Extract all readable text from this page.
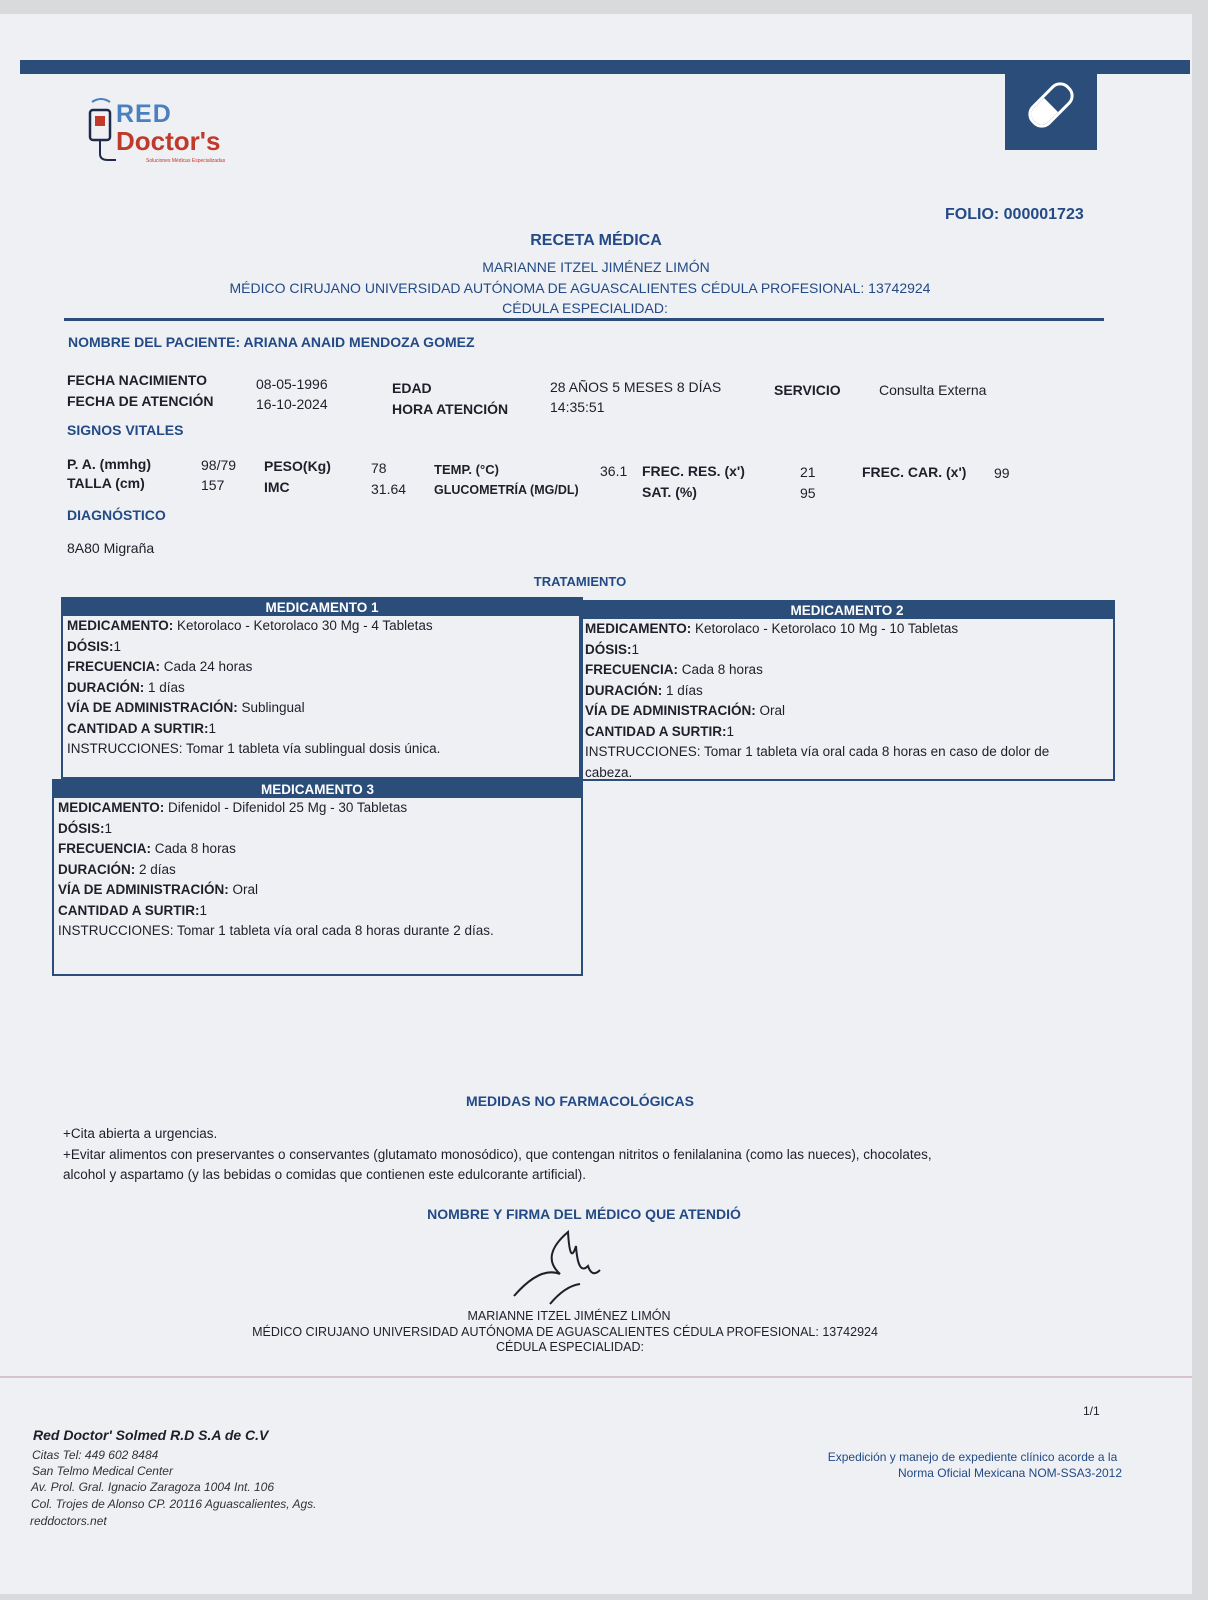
RED
Doctor's
Soluciones Médicas Especializadas
FOLIO: 000001723
RECETA MÉDICA
MARIANNE ITZEL JIMÉNEZ LIMÓN
MÉDICO CIRUJANO UNIVERSIDAD AUTÓNOMA DE AGUASCALIENTES CÉDULA PROFESIONAL: 13742924
CÉDULA ESPECIALIDAD:
NOMBRE DEL PACIENTE: ARIANA ANAID MENDOZA GOMEZ
FECHA NACIMIENTO	08-05-1996
FECHA DE ATENCIÓN	16-10-2024
EDAD	28 AÑOS 5 MESES 8 DÍAS
HORA ATENCIÓN	14:35:51
SERVICIO	Consulta Externa
SIGNOS VITALES
P. A. (mmhg)	98/79 PESO(Kg)	78	TEMP. (°C)	36.1 FREC. RES. (x')	21	FREC. CAR. (x') 99
TALLA (cm)	157	IMC	31.64 GLUCOMETRÍA (MG/DL)	SAT. (%)	95
DIAGNÓSTICO
8A80 Migraña
TRATAMIENTO
MEDICAMENTO 1
MEDICAMENTO: Ketorolaco - Ketorolaco 30 Mg - 4 Tabletas
DÓSIS:1
FRECUENCIA: Cada 24 horas
DURACIÓN: 1 días
VÍA DE ADMINISTRACIÓN: Sublingual
CANTIDAD A SURTIR:1
INSTRUCCIONES: Tomar 1 tableta vía sublingual dosis única.
MEDICAMENTO 2
MEDICAMENTO: Ketorolaco - Ketorolaco 10 Mg - 10 Tabletas
DÓSIS:1
FRECUENCIA: Cada 8 horas
DURACIÓN: 1 días
VÍA DE ADMINISTRACIÓN: Oral
CANTIDAD A SURTIR:1
INSTRUCCIONES: Tomar 1 tableta vía oral cada 8 horas en caso de dolor de cabeza.
MEDICAMENTO 3
MEDICAMENTO: Difenidol - Difenidol 25 Mg - 30 Tabletas
DÓSIS:1
FRECUENCIA: Cada 8 horas
DURACIÓN: 2 días
VÍA DE ADMINISTRACIÓN: Oral
CANTIDAD A SURTIR:1
INSTRUCCIONES: Tomar 1 tableta vía oral cada 8 horas durante 2 días.
MEDIDAS NO FARMACOLÓGICAS
+Cita abierta a urgencias.
+Evitar alimentos con preservantes o conservantes (glutamato monosódico), que contengan nitritos o fenilalanina (como las nueces), chocolates,
alcohol y aspartamo (y las bebidas o comidas que contienen este edulcorante artificial).
NOMBRE Y FIRMA DEL MÉDICO QUE ATENDIÓ
MARIANNE ITZEL JIMÉNEZ LIMÓN
MÉDICO CIRUJANO UNIVERSIDAD AUTÓNOMA DE AGUASCALIENTES CÉDULA PROFESIONAL: 13742924
CÉDULA ESPECIALIDAD:
1/1
Red Doctor' Solmed R.D S.A de C.V
Citas Tel: 449 602 8484
San Telmo Medical Center
Av. Prol. Gral. Ignacio Zaragoza 1004 Int. 106
Col. Trojes de Alonso CP. 20116 Aguascalientes, Ags.
reddoctors.net
Expedición y manejo de expediente clínico acorde a la
Norma Oficial Mexicana NOM-SSA3-2012
